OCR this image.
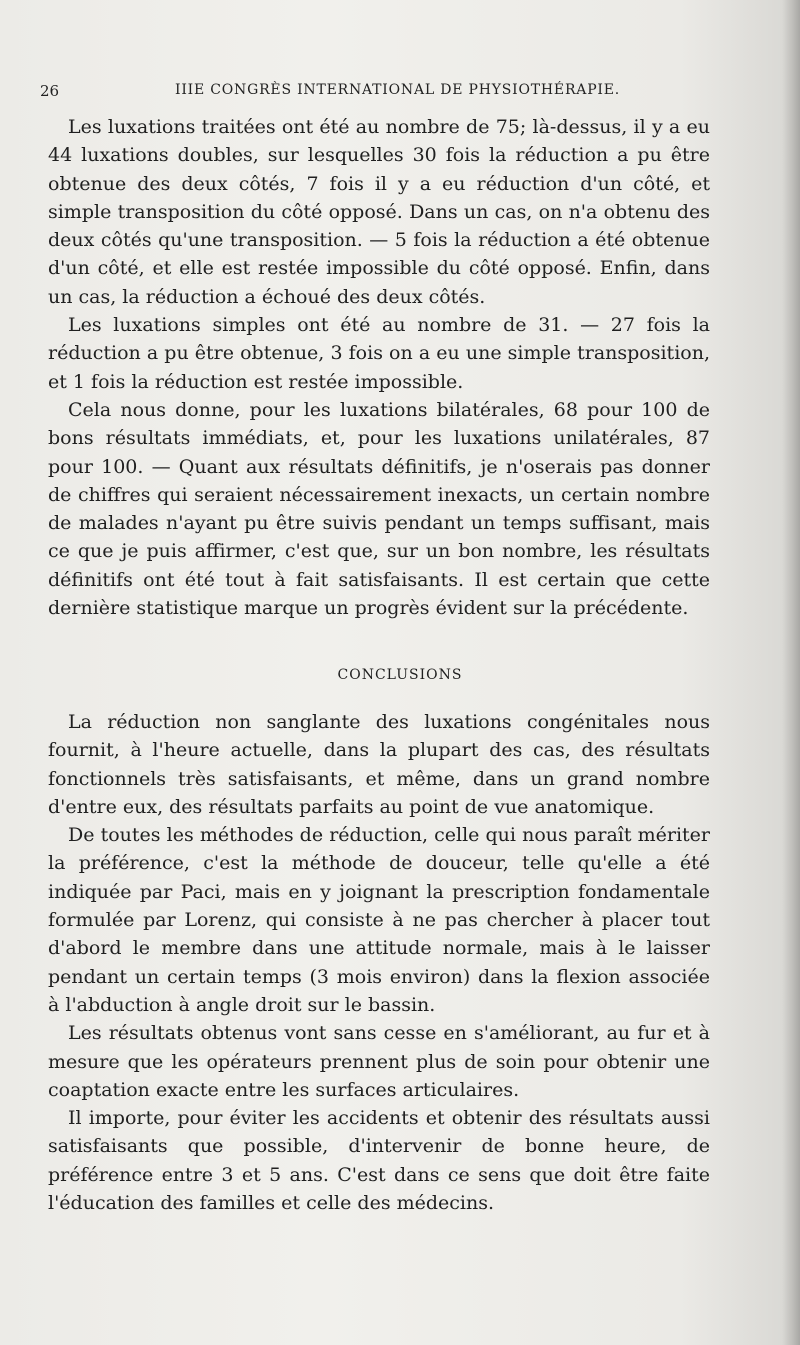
26	IIIE CONGRÈS INTERNATIONAL DE PHYSIOTHÉRAPIE.

Les luxations traitées ont été au nombre de 75; là-dessus, il y a eu 44 luxations doubles, sur lesquelles 30 fois la réduction a pu être obtenue des deux côtés, 7 fois il y a eu réduction d'un côté, et simple transposition du côté opposé. Dans un cas, on n'a obtenu des deux côtés qu'une transposition. — 5 fois la réduction a été obtenue d'un côté, et elle est restée impossible du côté opposé. Enfin, dans un cas, la réduction a échoué des deux côtés.

Les luxations simples ont été au nombre de 31. — 27 fois la réduction a pu être obtenue, 3 fois on a eu une simple transposition, et 1 fois la réduction est restée impossible.

Cela nous donne, pour les luxations bilatérales, 68 pour 100 de bons résultats immédiats, et, pour les luxations unilatérales, 87 pour 100. — Quant aux résultats définitifs, je n'oserais pas donner de chiffres qui seraient nécessairement inexacts, un certain nombre de malades n'ayant pu être suivis pendant un temps suffisant, mais ce que je puis affirmer, c'est que, sur un bon nombre, les résultats définitifs ont été tout à fait satisfaisants. Il est certain que cette dernière statistique marque un progrès évident sur la précédente.

CONCLUSIONS

La réduction non sanglante des luxations congénitales nous fournit, à l'heure actuelle, dans la plupart des cas, des résultats fonctionnels très satisfaisants, et même, dans un grand nombre d'entre eux, des résultats parfaits au point de vue anatomique.

De toutes les méthodes de réduction, celle qui nous paraît mériter la préférence, c'est la méthode de douceur, telle qu'elle a été indiquée par Paci, mais en y joignant la prescription fondamentale formulée par Lorenz, qui consiste à ne pas chercher à placer tout d'abord le membre dans une attitude normale, mais à le laisser pendant un certain temps (3 mois environ) dans la flexion associée à l'abduction à angle droit sur le bassin.

Les résultats obtenus vont sans cesse en s'améliorant, au fur et à mesure que les opérateurs prennent plus de soin pour obtenir une coaptation exacte entre les surfaces articulaires.

Il importe, pour éviter les accidents et obtenir des résultats aussi satisfaisants que possible, d'intervenir de bonne heure, de préférence entre 3 et 5 ans. C'est dans ce sens que doit être faite l'éducation des familles et celle des médecins.
